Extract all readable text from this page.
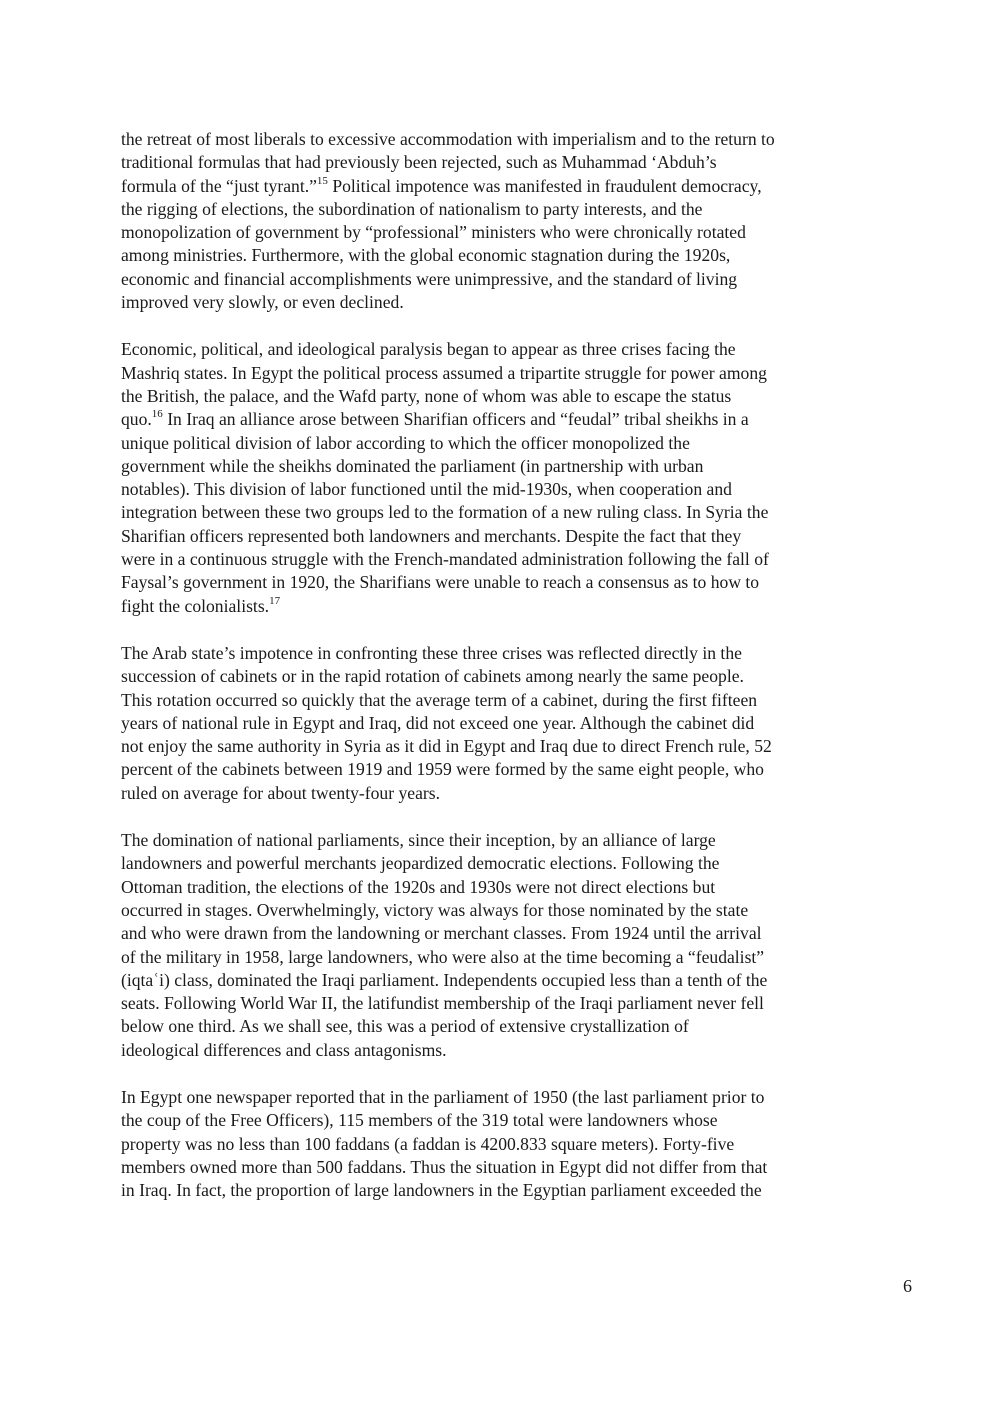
the retreat of most liberals to excessive accommodation with imperialism and to the return to
traditional formulas that had previously been rejected, such as Muhammad ‘Abduh’s
formula of the “just tyrant.”$^{15}$ Political impotence was manifested in fraudulent democracy,
the rigging of elections, the subordination of nationalism to party interests, and the
monopolization of government by “professional” ministers who were chronically rotated
among ministries. Furthermore, with the global economic stagnation during the 1920s,
economic and financial accomplishments were unimpressive, and the standard of living
improved very slowly, or even declined.

Economic, political, and ideological paralysis began to appear as three crises facing the
Mashriq states. In Egypt the political process assumed a tripartite struggle for power among
the British, the palace, and the Wafd party, none of whom was able to escape the status
quo.$^{16}$ In Iraq an alliance arose between Sharifian officers and “feudal” tribal sheikhs in a
unique political division of labor according to which the officer monopolized the
government while the sheikhs dominated the parliament (in partnership with urban
notables). This division of labor functioned until the mid-1930s, when cooperation and
integration between these two groups led to the formation of a new ruling class. In Syria the
Sharifian officers represented both landowners and merchants. Despite the fact that they
were in a continuous struggle with the French-mandated administration following the fall of
Faysal’s government in 1920, the Sharifians were unable to reach a consensus as to how to
fight the colonialists.$^{17}$

The Arab state’s impotence in confronting these three crises was reflected directly in the
succession of cabinets or in the rapid rotation of cabinets among nearly the same people.
This rotation occurred so quickly that the average term of a cabinet, during the first fifteen
years of national rule in Egypt and Iraq, did not exceed one year. Although the cabinet did
not enjoy the same authority in Syria as it did in Egypt and Iraq due to direct French rule, 52
percent of the cabinets between 1919 and 1959 were formed by the same eight people, who
ruled on average for about twenty-four years.

The domination of national parliaments, since their inception, by an alliance of large
landowners and powerful merchants jeopardized democratic elections. Following the
Ottoman tradition, the elections of the 1920s and 1930s were not direct elections but
occurred in stages. Overwhelmingly, victory was always for those nominated by the state
and who were drawn from the landowning or merchant classes. From 1924 until the arrival
of the military in 1958, large landowners, who were also at the time becoming a “feudalist”
(iqtaʿi) class, dominated the Iraqi parliament. Independents occupied less than a tenth of the
seats. Following World War II, the latifundist membership of the Iraqi parliament never fell
below one third. As we shall see, this was a period of extensive crystallization of
ideological differences and class antagonisms.

In Egypt one newspaper reported that in the parliament of 1950 (the last parliament prior to
the coup of the Free Officers), 115 members of the 319 total were landowners whose
property was no less than 100 faddans (a faddan is 4200.833 square meters). Forty-five
members owned more than 500 faddans. Thus the situation in Egypt did not differ from that
in Iraq. In fact, the proportion of large landowners in the Egyptian parliament exceeded the

6
